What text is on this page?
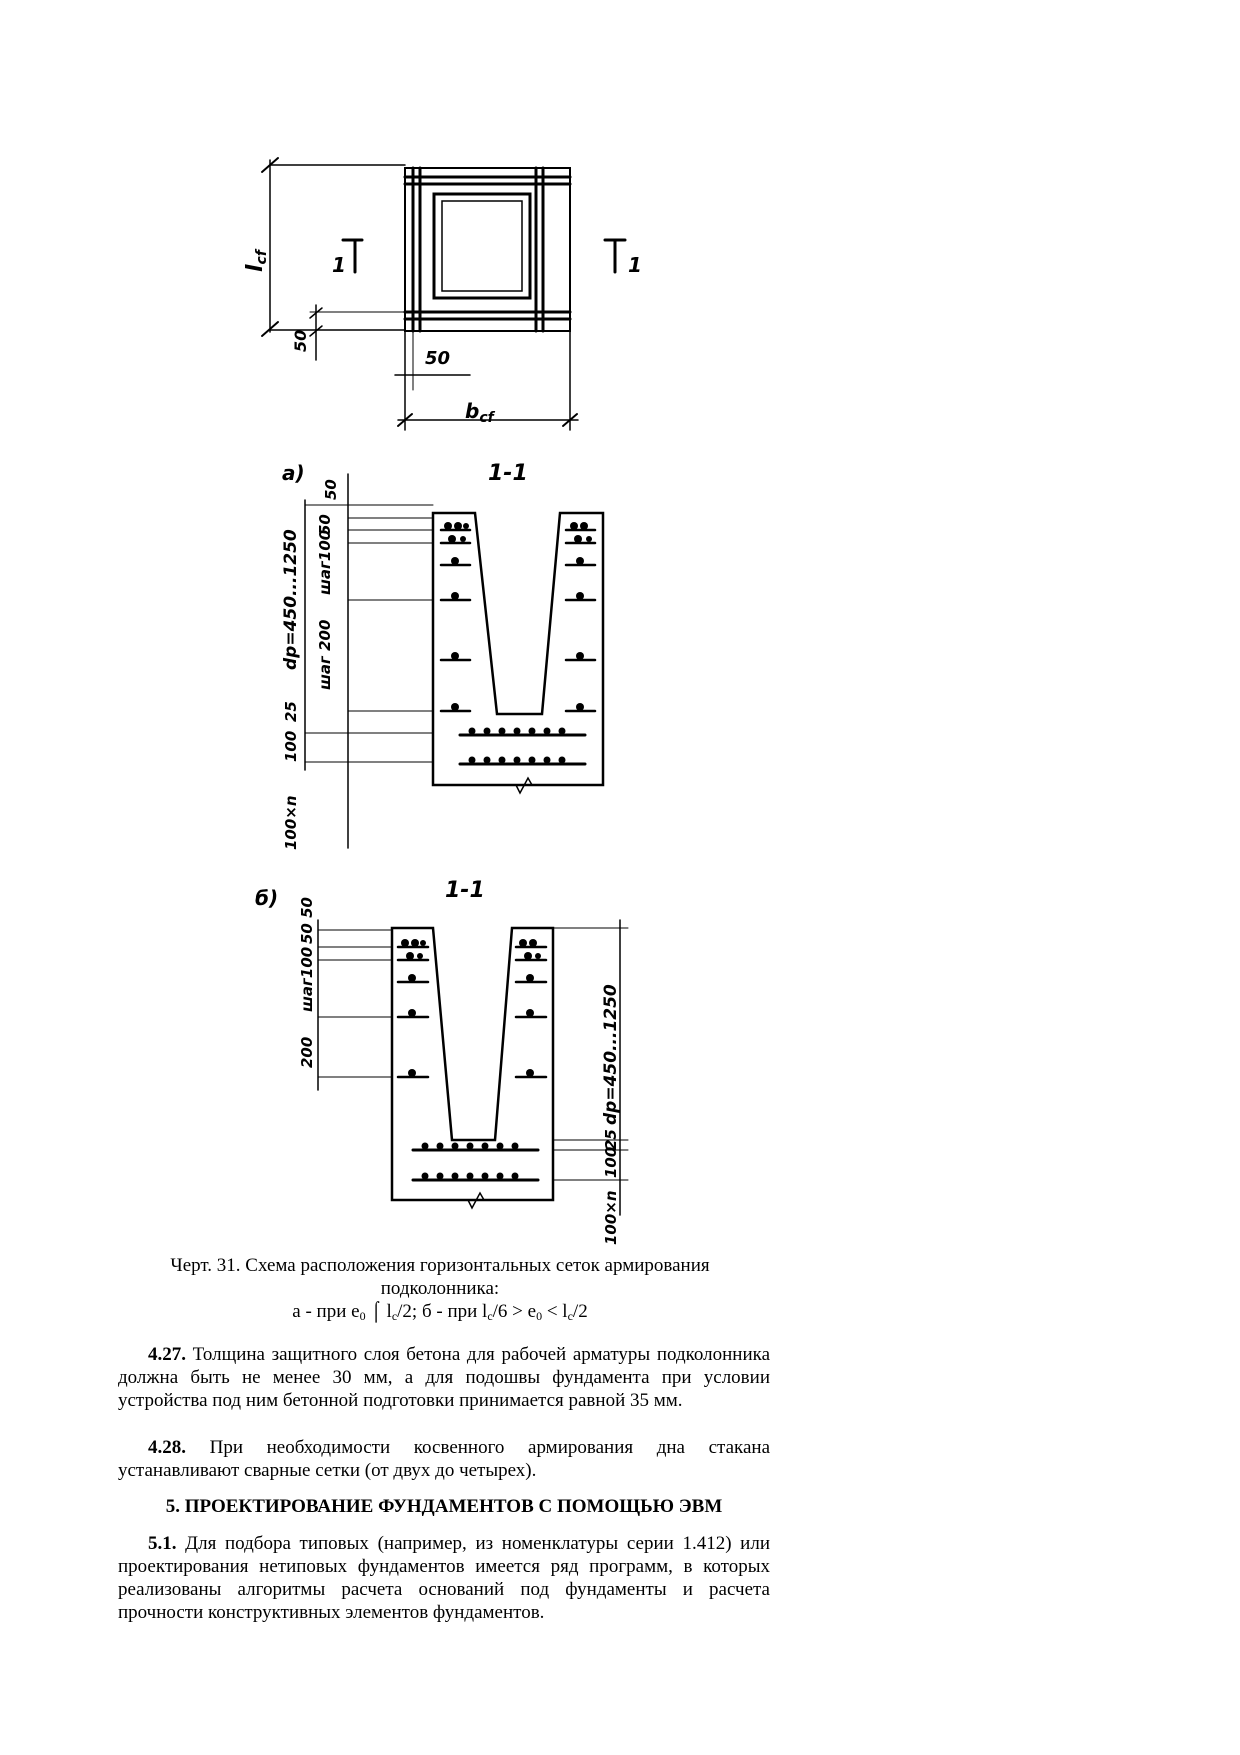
lcf
50
50
$b_{cf}$
1	1
а)	1-1
50
50
шаг100
dp=450...1250 шаг 200
25
100
100×n
б)	1-1
50 50
шаг100
200	dp=450...1250
25
100
100×n
Черт. 31. Схема расположения горизонтальных сеток армирования
подколонника:
а - при $e_0$ ⌠ $l_c/2$; б - при $l_c/6 > e_0 < l_c/2$
4.27. Толщина защитного слоя бетона для рабочей арматуры подколонника должна быть не менее 30 мм, а для подошвы фундамента при условии устройства под ним бетонной подготовки принимается равной 35 мм.
4.28. При необходимости косвенного армирования дна стакана устанавливают сварные сетки (от двух до четырех).
5. ПРОЕКТИРОВАНИЕ ФУНДАМЕНТОВ С ПОМОЩЬЮ ЭВМ
5.1. Для подбора типовых (например, из номенклатуры серии 1.412) или проектирования нетиповых фундаментов имеется ряд программ, в которых реализованы алгоритмы расчета оснований под фундаменты и расчета прочности конструктивных элементов фундаментов.
